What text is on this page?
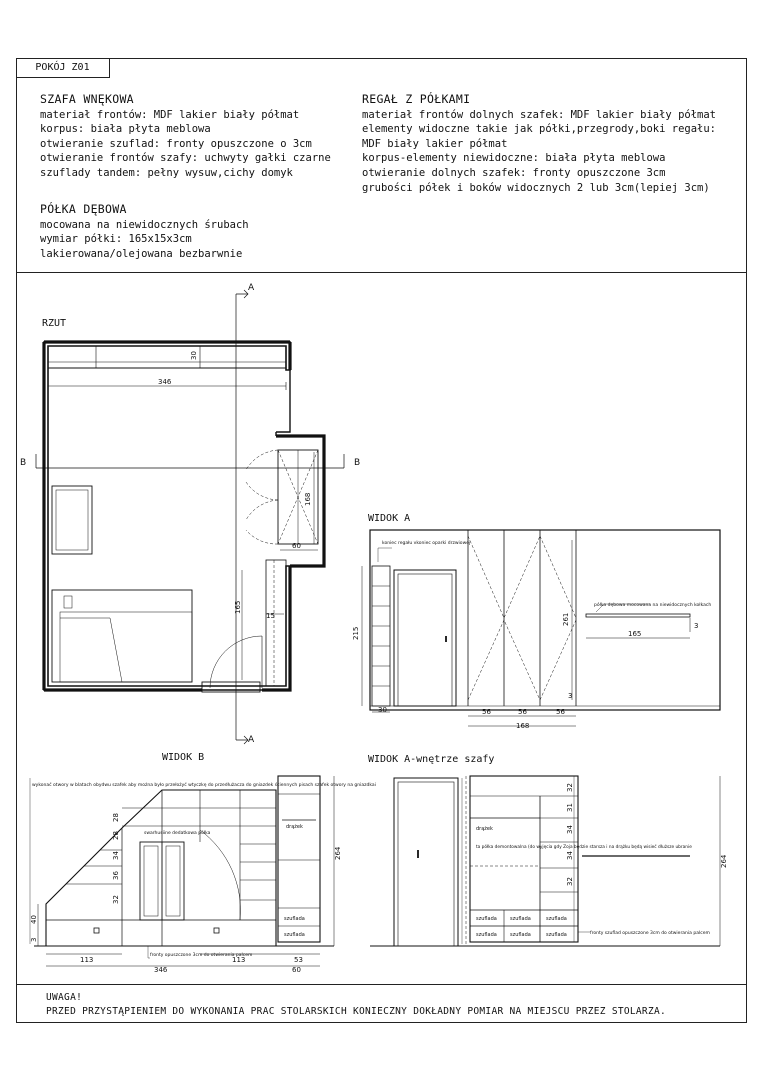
POKÓJ Z01
SZAFA WNĘKOWA
materiał frontów: MDF lakier biały półmat
korpus: biała płyta meblowa
otwieranie szuflad: fronty opuszczone o 3cm
otwieranie frontów szafy: uchwyty gałki czarne
szuflady tandem: pełny wysuw,cichy domyk
PÓŁKA DĘBOWA
mocowana na niewidocznych śrubach
wymiar półki: 165x15x3cm
lakierowana/olejowana bezbarwnie
REGAŁ Z PÓŁKAMI
materiał frontów dolnych szafek: MDF lakier biały półmat
elementy widoczne takie jak półki,przegrody,boki regału:
MDF biały lakier półmat
korpus-elementy niewidoczne: biała płyta meblowa
otwieranie dolnych szafek: fronty opuszczone 3cm
grubości półek i boków widocznych 2 lub 3cm(lepiej 3cm)
RZUT
WIDOK A
WIDOK B	WIDOK A-wnętrze szafy
A
A
B	B
30
346
168
60
165
15
koniec regału vkoniec oparki drzwiowej
półka dębowa mocowana na niewidocznych kołkach
215
30
261
165
56	56	56
168
3
3
wykonać otwory w blatach obydwu szafek aby można było przełożyć wtyczkę do przedłużacza do gniazdek ściennych pisach szafek otwory na gniazdkai
swarhusiine dedatkowa półka
fronty opuszczone 3cm do otwierania palcem
drążek
szuflada
szuflada
113	113	53
346	60
264
40
3
28
28
34
36
32
drążek
ta półka demontowalna (do wyjęcia gdy Zoja będzie starsza i na drążku będą wisieć dłuższe ubranie
szuflada	szuflada	szuflada
szuflada	szuflada	szuflada	fronty szuflad opuszczone 3cm do otwierania palcem
32
31
34
34
32
264
UWAGA!
PRZED PRZYSTĄPIENIEM DO WYKONANIA PRAC STOLARSKICH KONIECZNY DOKŁADNY POMIAR NA MIEJSCU PRZEZ STOLARZA.
